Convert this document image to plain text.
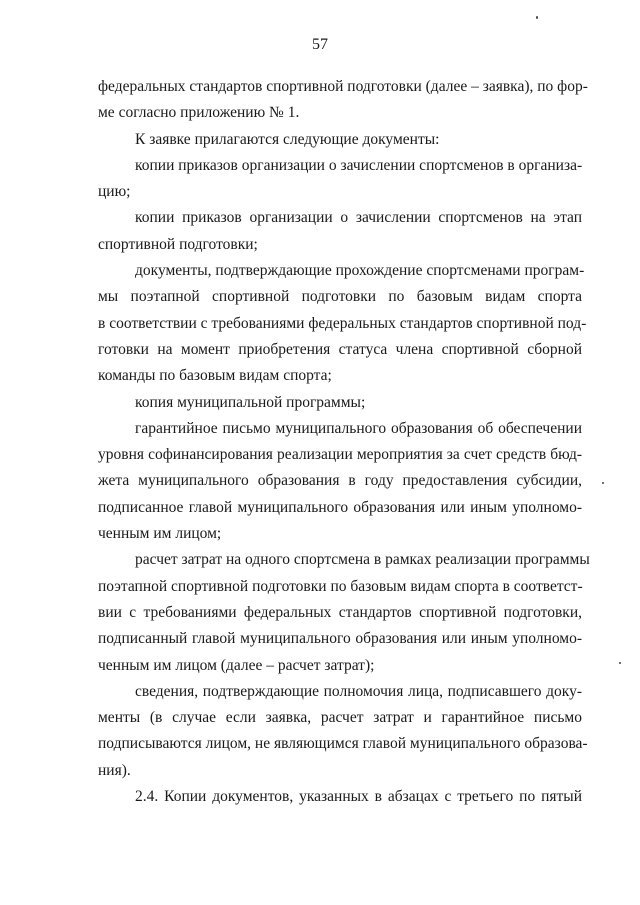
57
федеральных стандартов спортивной подготовки (далее – заявка), по фор-
ме согласно приложению № 1.
К заявке прилагаются следующие документы:
копии приказов организации о зачислении спортсменов в организа-
цию;
копии приказов организации о зачислении спортсменов на этап
спортивной подготовки;
документы, подтверждающие прохождение спортсменами програм-
мы поэтапной спортивной подготовки по базовым видам спорта
в соответствии с требованиями федеральных стандартов спортивной под-
готовки на момент приобретения статуса члена спортивной сборной
команды по базовым видам спорта;
копия муниципальной программы;
гарантийное письмо муниципального образования об обеспечении
уровня софинансирования реализации мероприятия за счет средств бюд-
жета муниципального образования в году предоставления субсидии,
подписанное главой муниципального образования или иным уполномо-
ченным им лицом;
расчет затрат на одного спортсмена в рамках реализации программы
поэтапной спортивной подготовки по базовым видам спорта в соответст-
вии с требованиями федеральных стандартов спортивной подготовки,
подписанный главой муниципального образования или иным уполномо-
ченным им лицом (далее – расчет затрат);
сведения, подтверждающие полномочия лица, подписавшего доку-
менты (в случае если заявка, расчет затрат и гарантийное письмо
подписываются лицом, не являющимся главой муниципального образова-
ния).
2.4. Копии документов, указанных в абзацах с третьего по пятый
